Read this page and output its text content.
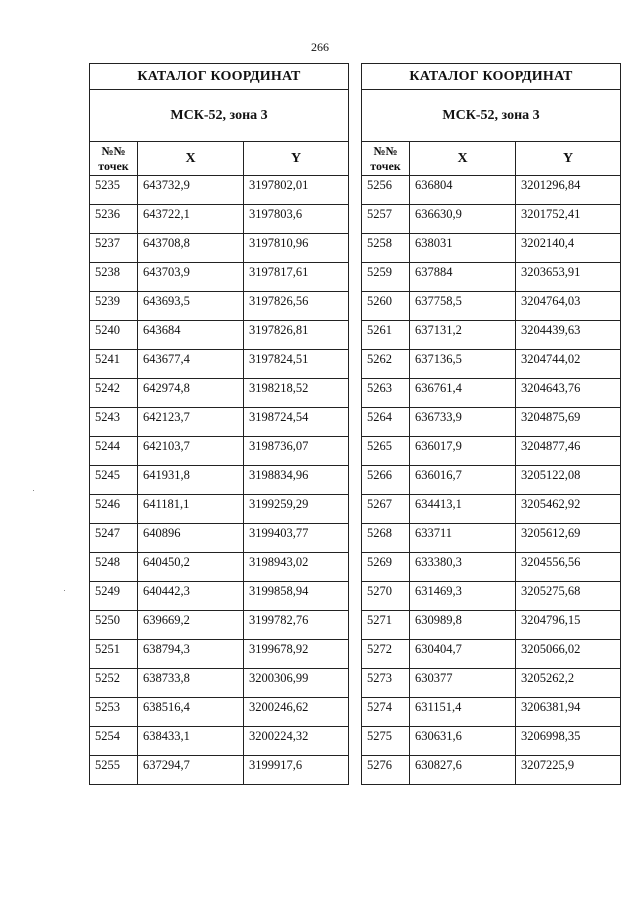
266
КАТАЛОГ КООРДИНАТ		
МСК-52, зона 3		
№№
точек	X	Y
5235	643732,9	3197802,01
5236	643722,1	3197803,6
5237	643708,8	3197810,96
5238	643703,9	3197817,61
5239	643693,5	3197826,56
5240	643684	3197826,81
5241	643677,4	3197824,51
5242	642974,8	3198218,52
5243	642123,7	3198724,54
5244	642103,7	3198736,07
5245	641931,8	3198834,96
5246	641181,1	3199259,29
5247	640896	3199403,77
5248	640450,2	3198943,02
5249	640442,3	3199858,94
5250	639669,2	3199782,76
5251	638794,3	3199678,92
5252	638733,8	3200306,99
5253	638516,4	3200246,62
5254	638433,1	3200224,32
5255	637294,7	3199917,6
КАТАЛОГ КООРДИНАТ		
МСК-52, зона 3		
№№
точек	X	Y
5256	636804	3201296,84
5257	636630,9	3201752,41
5258	638031	3202140,4
5259	637884	3203653,91
5260	637758,5	3204764,03
5261	637131,2	3204439,63
5262	637136,5	3204744,02
5263	636761,4	3204643,76
5264	636733,9	3204875,69
5265	636017,9	3204877,46
5266	636016,7	3205122,08
5267	634413,1	3205462,92
5268	633711	3205612,69
5269	633380,3	3204556,56
5270	631469,3	3205275,68
5271	630989,8	3204796,15
5272	630404,7	3205066,02
5273	630377	3205262,2
5274	631151,4	3206381,94
5275	630631,6	3206998,35
5276	630827,6	3207225,9
